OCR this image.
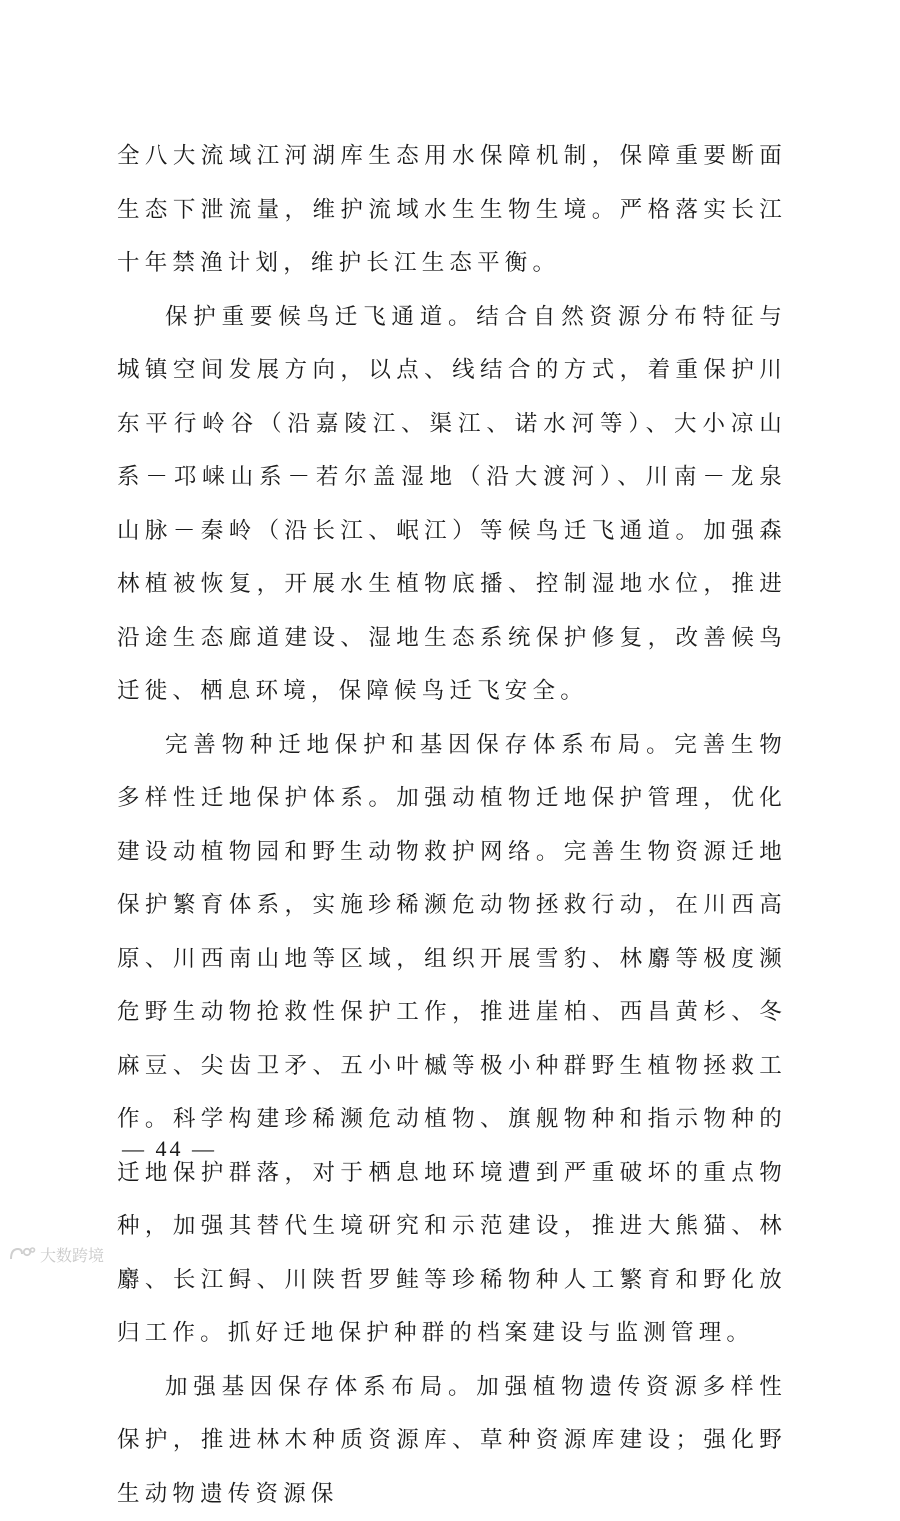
全八大流域江河湖库生态用水保障机制，保障重要断面生态下泄流量，维护流域水生生物生境。严格落实长江十年禁渔计划，维护长江生态平衡。

保护重要候鸟迁飞通道。结合自然资源分布特征与城镇空间发展方向，以点、线结合的方式，着重保护川东平行岭谷（沿嘉陵江、渠江、诺水河等）、大小凉山系－邛崃山系－若尔盖湿地（沿大渡河）、川南－龙泉山脉－秦岭（沿长江、岷江）等候鸟迁飞通道。加强森林植被恢复，开展水生植物底播、控制湿地水位，推进沿途生态廊道建设、湿地生态系统保护修复，改善候鸟迁徙、栖息环境，保障候鸟迁飞安全。

完善物种迁地保护和基因保存体系布局。完善生物多样性迁地保护体系。加强动植物迁地保护管理，优化建设动植物园和野生动物救护网络。完善生物资源迁地保护繁育体系，实施珍稀濒危动物拯救行动，在川西高原、川西南山地等区域，组织开展雪豹、林麝等极度濒危野生动物抢救性保护工作，推进崖柏、西昌黄杉、冬麻豆、尖齿卫矛、五小叶槭等极小种群野生植物拯救工作。科学构建珍稀濒危动植物、旗舰物种和指示物种的迁地保护群落，对于栖息地环境遭到严重破坏的重点物种，加强其替代生境研究和示范建设，推进大熊猫、林麝、长江鲟、川陕哲罗鲑等珍稀物种人工繁育和野化放归工作。抓好迁地保护种群的档案建设与监测管理。

加强基因保存体系布局。加强植物遗传资源多样性保护，推进林木种质资源库、草种资源库建设；强化野生动物遗传资源保

— 44 —
大数跨境
